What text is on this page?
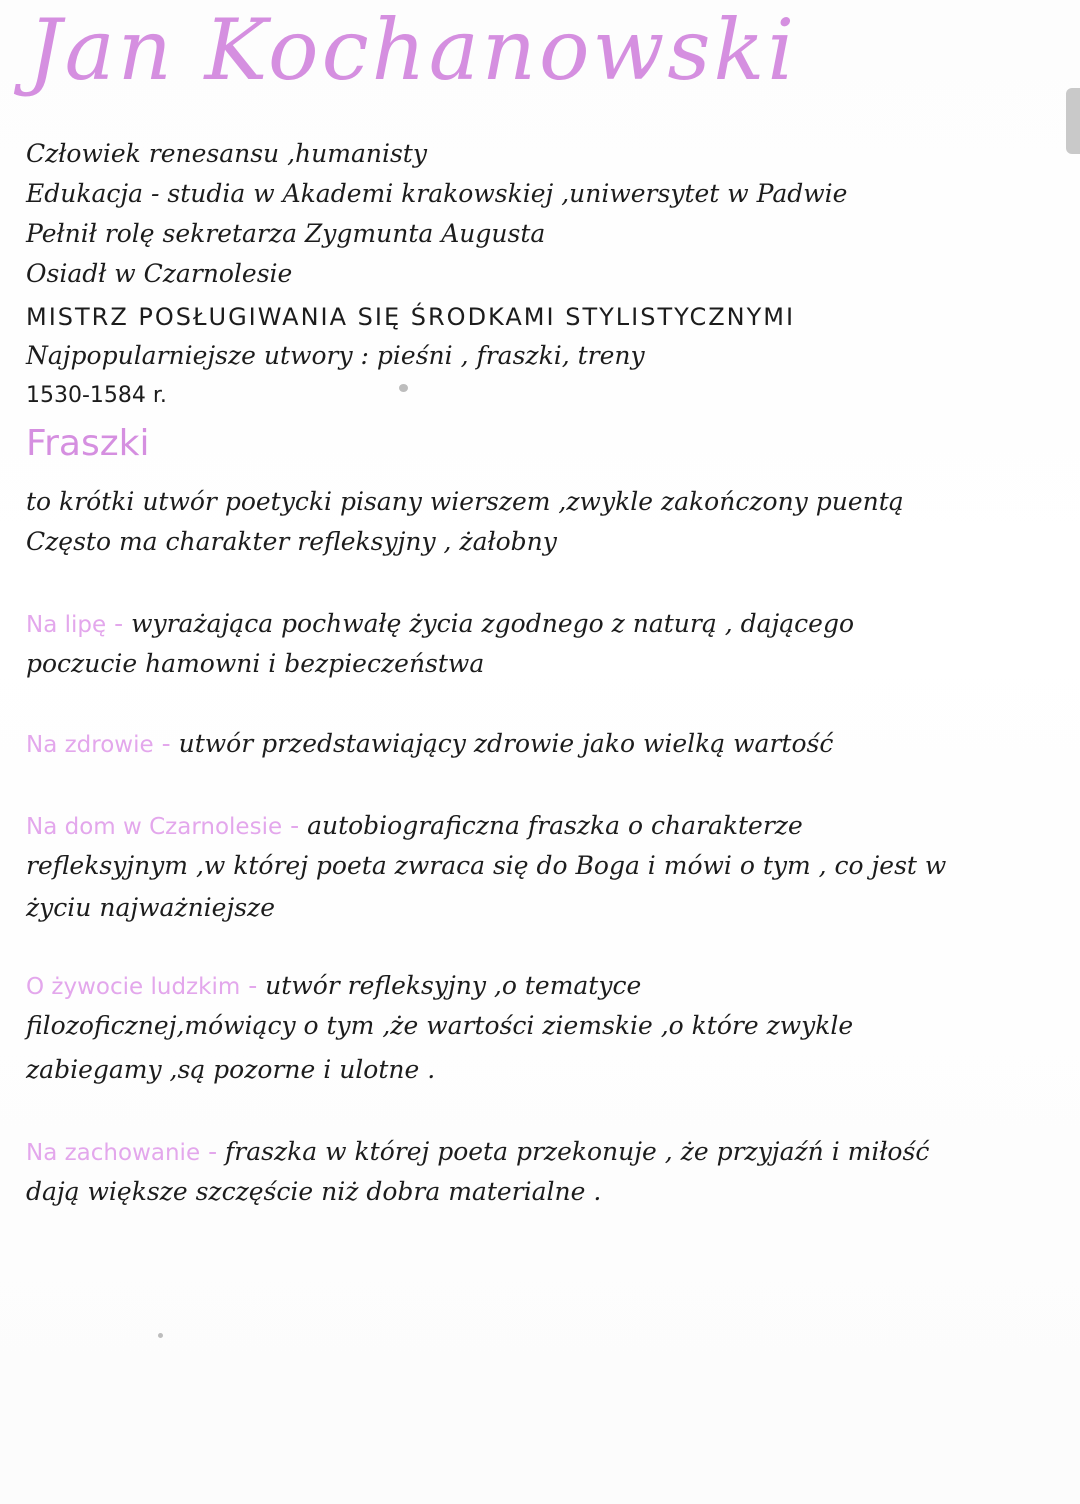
Jan Kochanowski
Człowiek renesansu ,humanisty
Edukacja - studia w Akademi krakowskiej ,uniwersytet w Padwie
Pełnił rolę sekretarza Zygmunta Augusta
Osiadł w Czarnolesie
MISTRZ POSŁUGIWANIA SIĘ ŚRODKAMI STYLISTYCZNYMI
Najpopularniejsze utwory : pieśni , fraszki, treny
1530-1584 r.
Fraszki
to krótki utwór poetycki pisany wierszem ,zwykle zakończony puentą
Często ma charakter refleksyjny , żałobny
Na lipę - wyrażająca pochwałę życia zgodnego z naturą , dającego
poczucie hamowni i bezpieczeństwa
Na zdrowie - utwór przedstawiający zdrowie jako wielką wartość
Na dom w Czarnolesie - autobiograficzna fraszka o charakterze
refleksyjnym ,w której poeta zwraca się do Boga i mówi o tym , co jest w
życiu najważniejsze
O żywocie ludzkim - utwór refleksyjny ,o tematyce
filozoficznej,mówiący o tym ,że wartości ziemskie ,o które zwykle
zabiegamy ,są pozorne i ulotne .
Na zachowanie - fraszka w której poeta przekonuje , że przyjaźń i miłość
dają większe szczęście niż dobra materialne .
